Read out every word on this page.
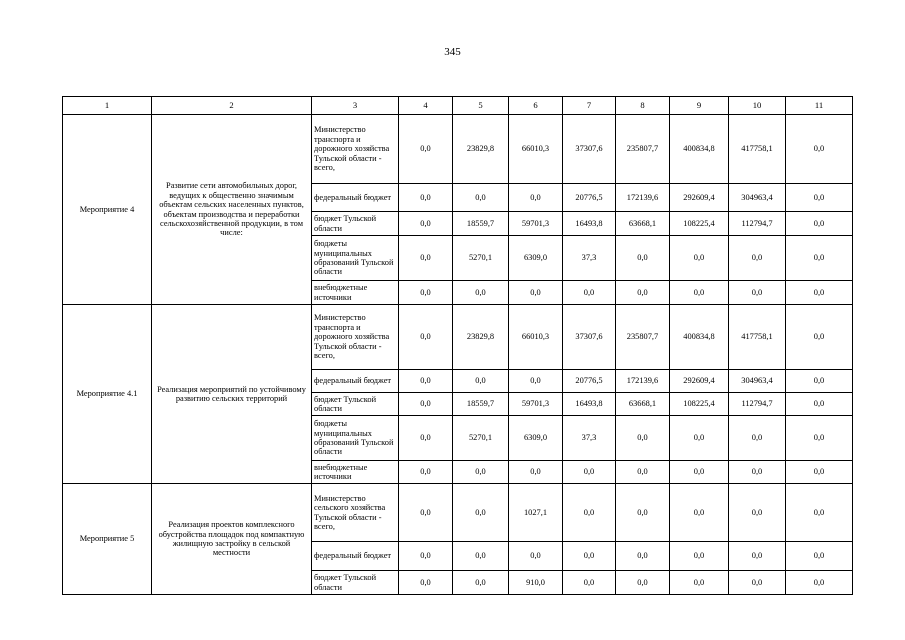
345
1	2	3	4	5	6	7	8	9	10	11
Мероприятие 4	Развитие сети автомобильных дорог, ведущих к общественно значимым объектам сельских населенных пунктов, объектам производства и переработки сельскохозяйственной продукции, в том числе:	Министерство транспорта и дорожного хозяйства Тульской области - всего,	0,0	23829,8	66010,3	37307,6	235807,7	400834,8	417758,1	0,0
		федеральный бюджет	0,0	0,0	0,0	20776,5	172139,6	292609,4	304963,4	0,0
		бюджет Тульской области	0,0	18559,7	59701,3	16493,8	63668,1	108225,4	112794,7	0,0
		бюджеты муниципальных образований Тульской области	0,0	5270,1	6309,0	37,3	0,0	0,0	0,0	0,0
		внебюджетные источники	0,0	0,0	0,0	0,0	0,0	0,0	0,0	0,0
Мероприятие 4.1	Реализация мероприятий по устойчивому развитию сельских территорий	Министерство транспорта и дорожного хозяйства Тульской области - всего,	0,0	23829,8	66010,3	37307,6	235807,7	400834,8	417758,1	0,0
		федеральный бюджет	0,0	0,0	0,0	20776,5	172139,6	292609,4	304963,4	0,0
		бюджет Тульской области	0,0	18559,7	59701,3	16493,8	63668,1	108225,4	112794,7	0,0
		бюджеты муниципальных образований Тульской области	0,0	5270,1	6309,0	37,3	0,0	0,0	0,0	0,0
		внебюджетные источники	0,0	0,0	0,0	0,0	0,0	0,0	0,0	0,0
Мероприятие 5	Реализация проектов комплексного обустройства площадок под компактную жилищную застройку в сельской местности	Министерство сельского хозяйства Тульской области - всего,	0,0	0,0	1027,1	0,0	0,0	0,0	0,0	0,0
		федеральный бюджет	0,0	0,0	0,0	0,0	0,0	0,0	0,0	0,0
		бюджет Тульской области	0,0	0,0	910,0	0,0	0,0	0,0	0,0	0,0
